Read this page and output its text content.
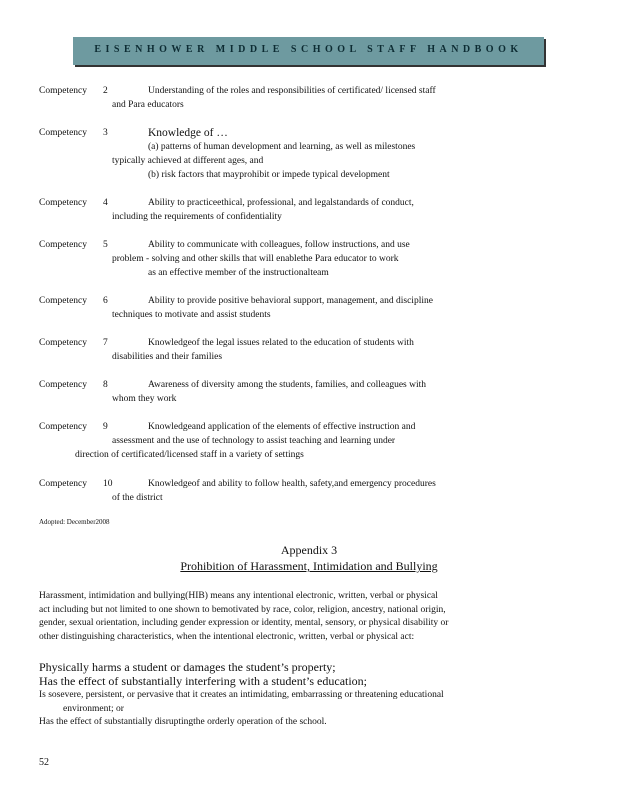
EISENHOWER MIDDLE SCHOOL STAFF HANDBOOK
Competency 2	Understanding of the roles and responsibilities of certificated/ licensed staff
and Para educators
Competency 3	Knowledge of …
(a) patterns of human development and learning, as well as milestones
typically achieved at different ages, and
(b) risk factors that mayprohibit or impede typical development
Competency 4	Ability to practiceethical, professional, and legalstandards of conduct,
including the requirements of confidentiality
Competency 5	Ability to communicate with colleagues, follow instructions, and use
problem - solving and other skills that will enablethe Para educator to work
as an effective member of the instructionalteam
Competency 6	Ability to provide positive behavioral support, management, and discipline
techniques to motivate and assist students
Competency 7	Knowledgeof the legal issues related to the education of students with
disabilities and their families
Competency 8	Awareness of diversity among the students, families, and colleagues with
whom they work
Competency 9	Knowledgeand application of the elements of effective instruction and
assessment and the use of technology to assist teaching and learning under
direction of certificated/licensed staff in a variety of settings
Competency 10	Knowledgeof and ability to follow health, safety,and emergency procedures
of the district
Adopted: December2008
Appendix 3
Prohibition of Harassment, Intimidation and Bullying
Harassment, intimidation and bullying(HIB) means any intentional electronic, written, verbal or physical
act including but not limited to one shown to bemotivated by race, color, religion, ancestry, national origin,
gender, sexual orientation, including gender expression or identity, mental, sensory, or physical disability or
other distinguishing characteristics, when the intentional electronic, written, verbal or physical act:
Physically harms a student or damages the student’s property;
Has the effect of substantially interfering with a student’s education;
Is sosevere, persistent, or pervasive that it creates an intimidating, embarrassing or threatening educational
environment; or
Has the effect of substantially disruptingthe orderly operation of the school.
52
